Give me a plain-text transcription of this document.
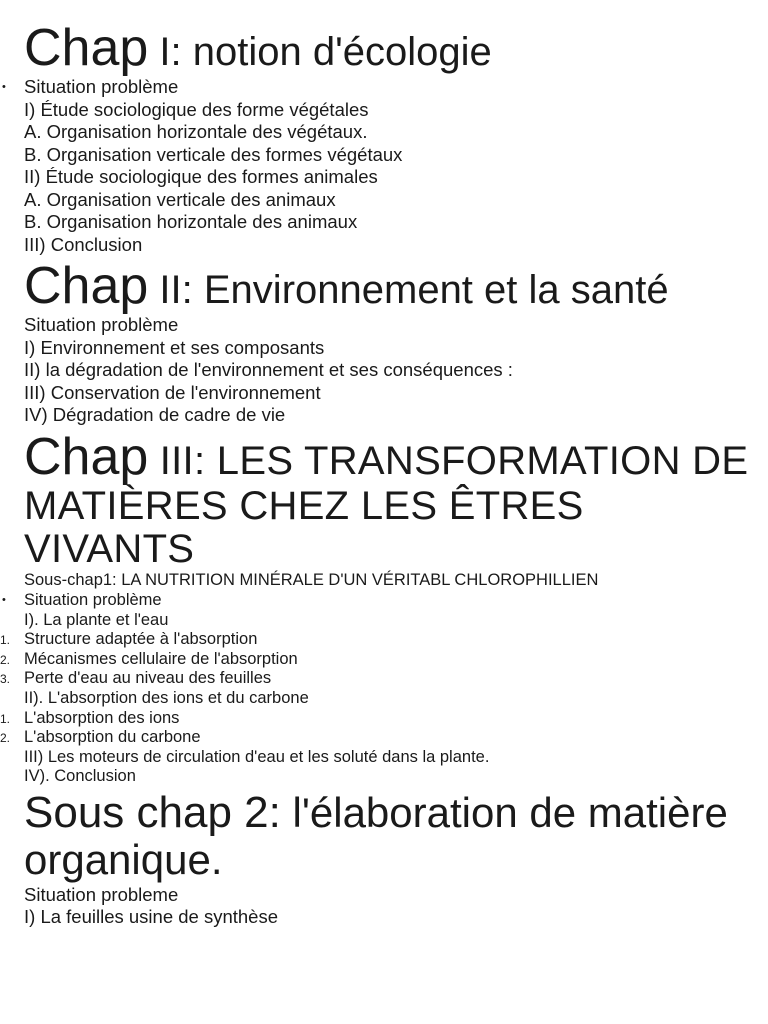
Chap I: notion d'écologie
• Situation problème
I) Étude sociologique des forme végétales
A. Organisation horizontale des végétaux.
B. Organisation verticale des formes végétaux
II) Étude sociologique des formes animales
A. Organisation verticale des animaux
B. Organisation horizontale des animaux
III) Conclusion
Chap II: Environnement et la santé
Situation problème
I) Environnement et ses composants
II) la dégradation de l'environnement et ses conséquences :
III) Conservation de l'environnement
IV) Dégradation de cadre de vie
Chap III: LES TRANSFORMATION DE MATIÈRES CHEZ LES ÊTRES VIVANTS
Sous-chap1: LA NUTRITION MINÉRALE D'UN VÉRITABL CHLOROPHILLIEN
• Situation problème
I). La plante et l'eau
1. Structure adaptée à l'absorption
2. Mécanismes cellulaire de l'absorption
3. Perte d'eau au niveau des feuilles
II). L'absorption des ions et du carbone
1. L'absorption des ions
2. L'absorption du carbone
III) Les moteurs de circulation d'eau et les soluté dans la plante.
IV). Conclusion
Sous chap 2: l'élaboration de matière organique.
Situation probleme
I) La feuilles usine de synthèse
